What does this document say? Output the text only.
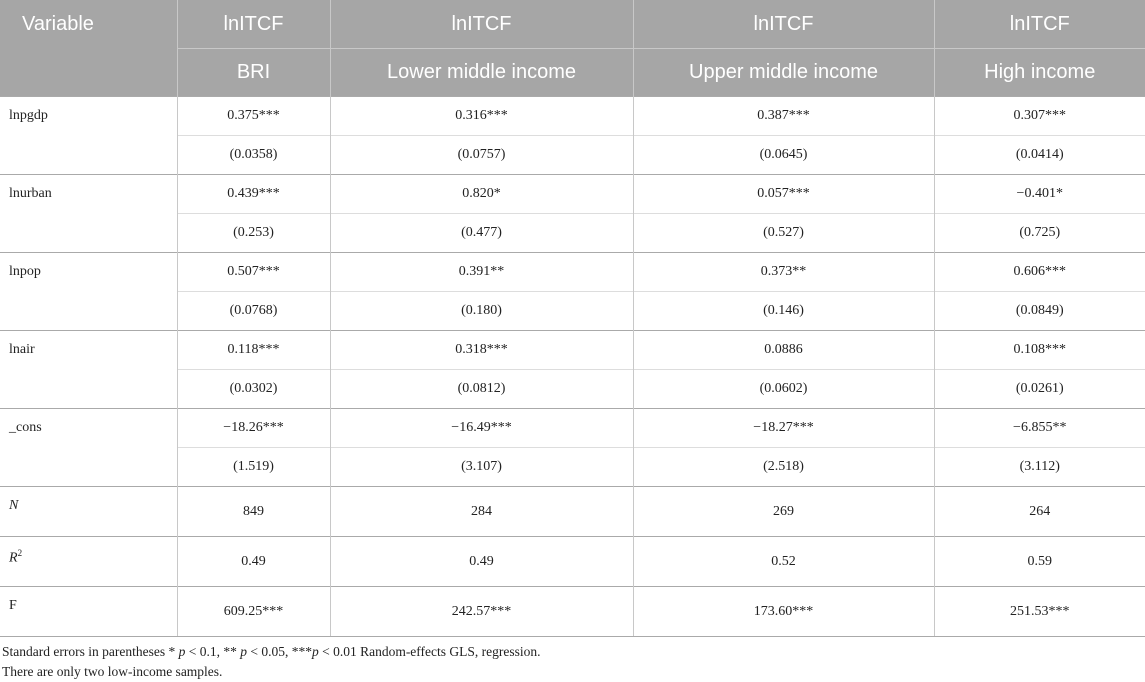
Variable	lnITCF	lnITCF	lnITCF	lnITCF
	BRI	Lower middle income	Upper middle income	High income
lnpgdp	0.375***	0.316***	0.387***	0.307***
	(0.0358)	(0.0757)	(0.0645)	(0.0414)
lnurban	0.439***	0.820*	0.057***	−0.401*
	(0.253)	(0.477)	(0.527)	(0.725)
lnpop	0.507***	0.391**	0.373**	0.606***
	(0.0768)	(0.180)	(0.146)	(0.0849)
lnair	0.118***	0.318***	0.0886	0.108***
	(0.0302)	(0.0812)	(0.0602)	(0.0261)
_cons	−18.26***	−16.49***	−18.27***	−6.855**
	(1.519)	(3.107)	(2.518)	(3.112)
N	849	284	269	264
$R^2$	0.49	0.49	0.52	0.59
F	609.25***	242.57***	173.60***	251.53***
Standard errors in parentheses * p < 0.1, ** p < 0.05, ***p < 0.01 Random-effects GLS, regression.
There are only two low-income samples.
